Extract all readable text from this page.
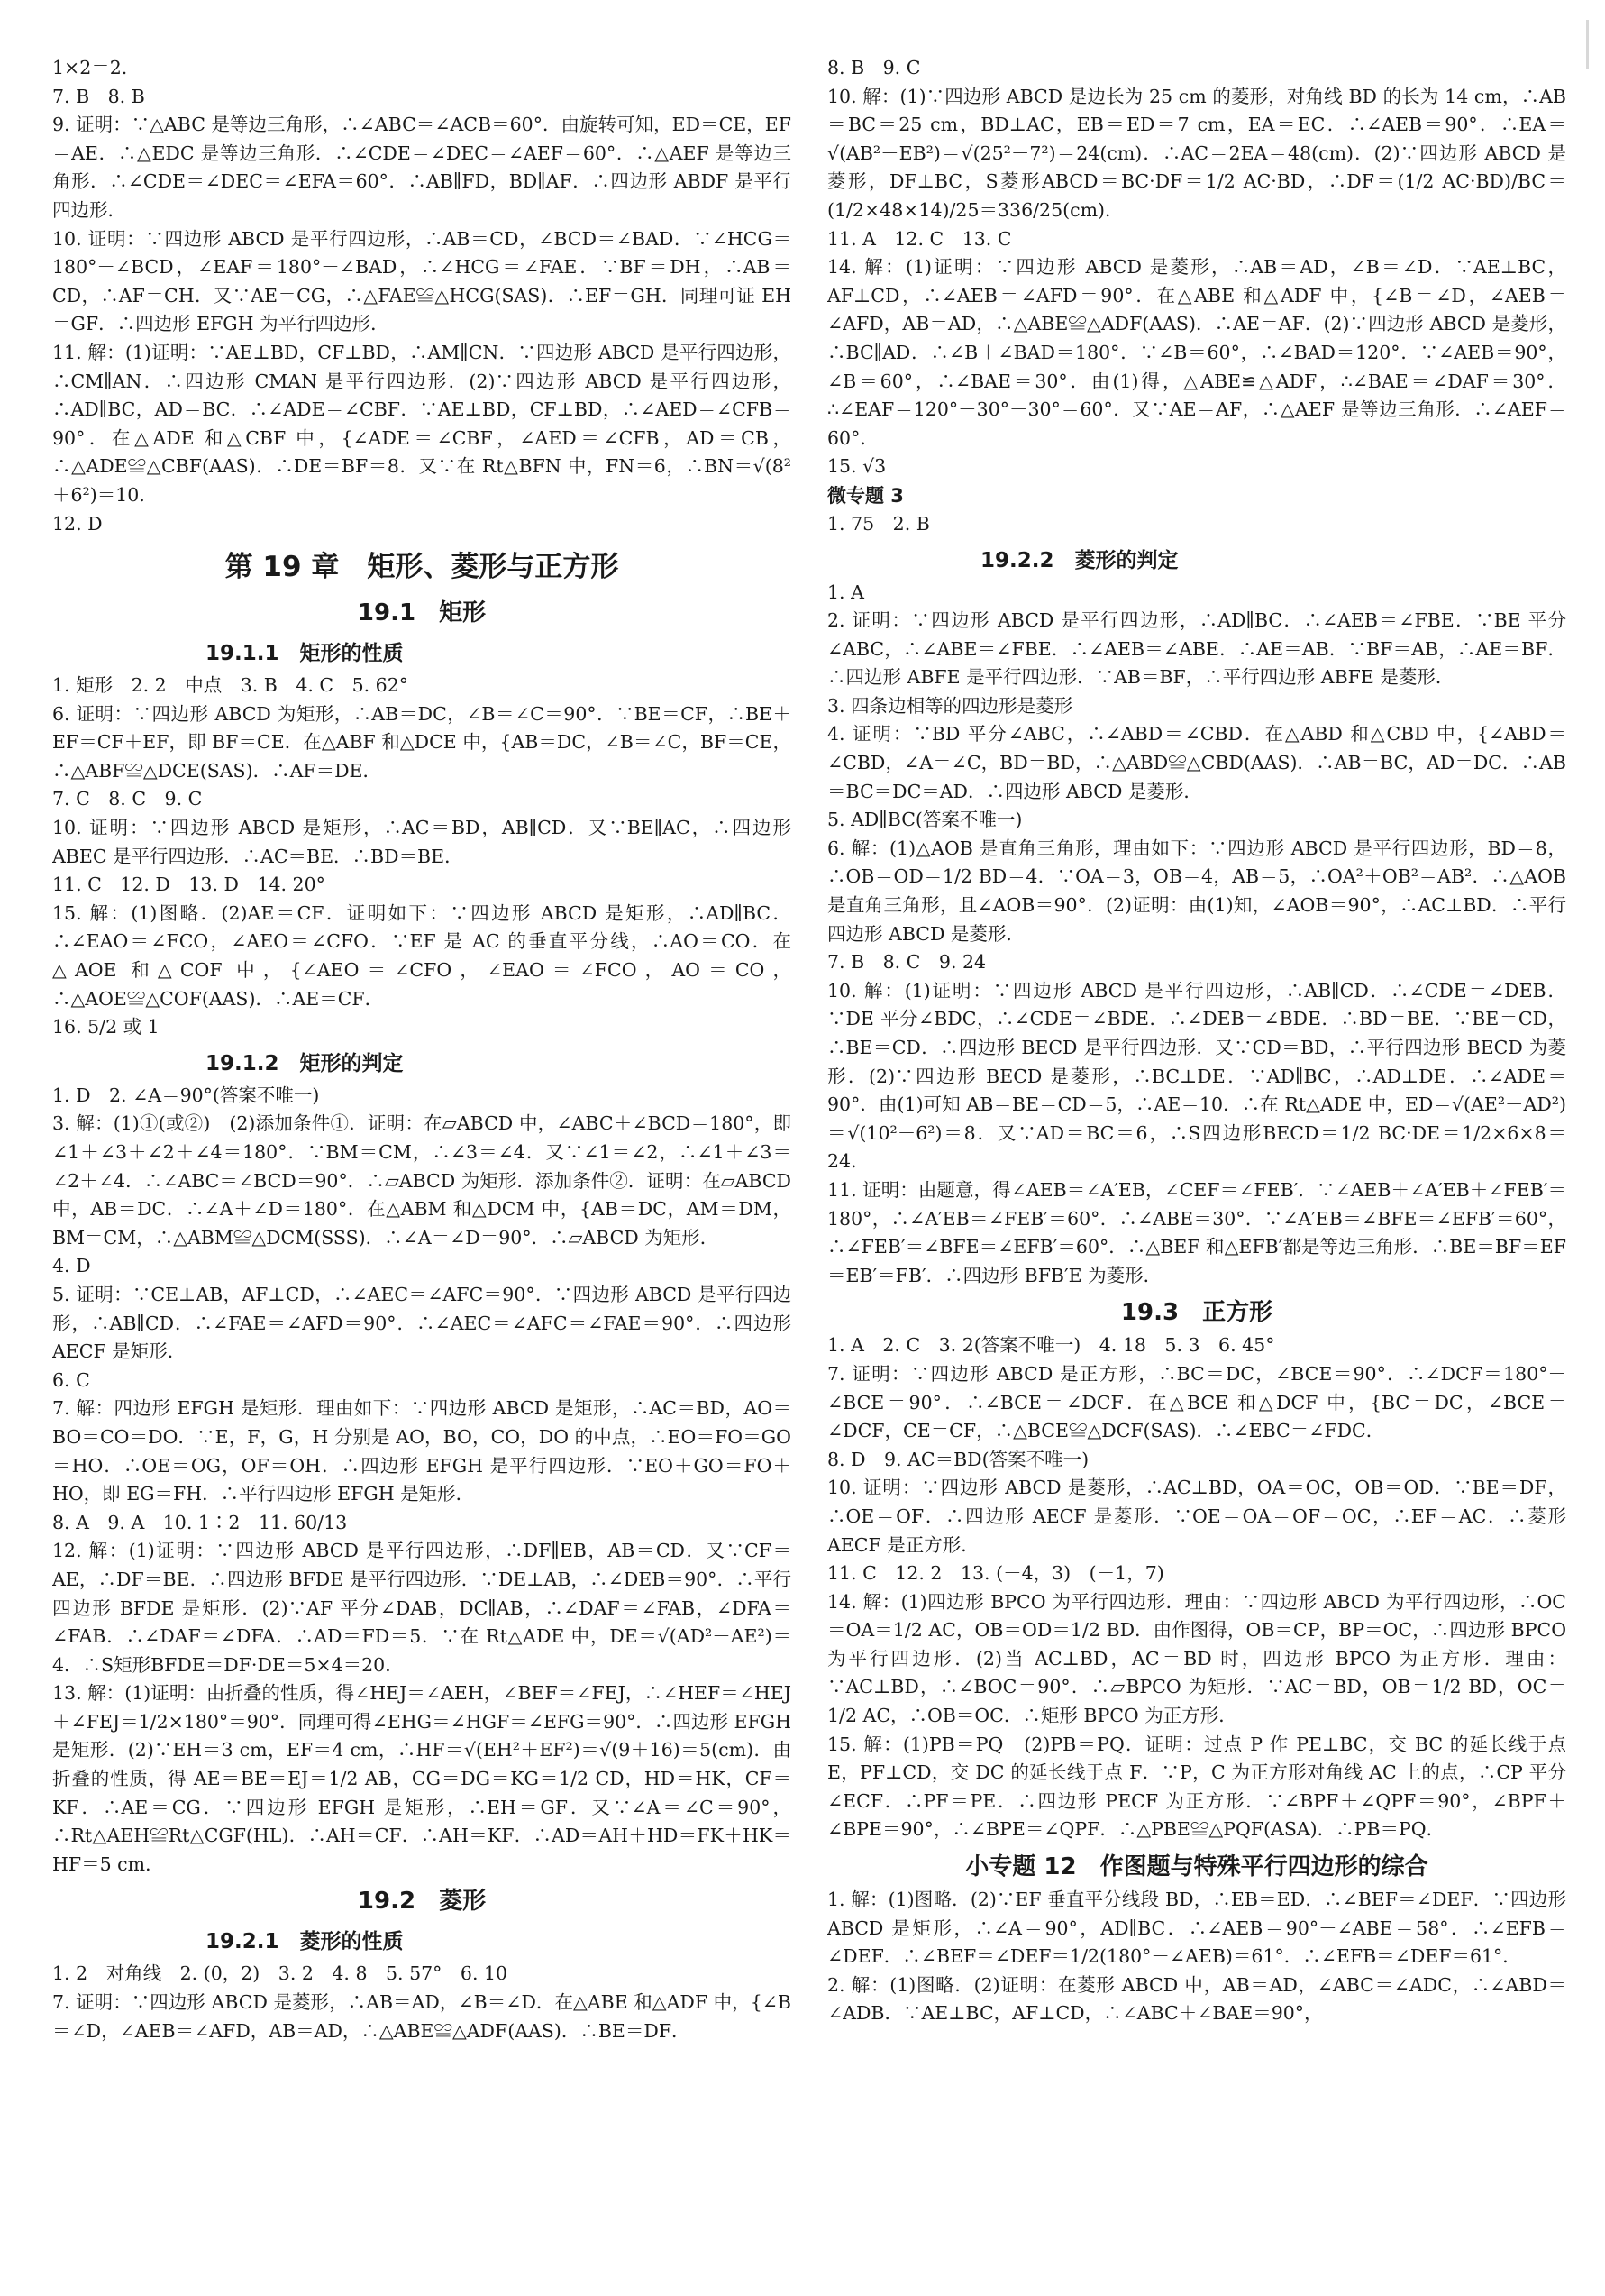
1×2＝2.

7. B　8. B

9. 证明：∵△ABC 是等边三角形，∴∠ABC＝∠ACB＝60°．由旋转可知，ED＝CE，EF＝AE．∴△EDC 是等边三角形．∴∠CDE＝∠DEC＝∠AEF＝60°．∴△AEF 是等边三角形．∴∠CDE＝∠DEC＝∠EFA＝60°．∴AB∥FD，BD∥AF．∴四边形 ABDF 是平行四边形．

10. 证明：∵四边形 ABCD 是平行四边形，∴AB＝CD，∠BCD＝∠BAD．∵∠HCG＝180°－∠BCD，∠EAF＝180°－∠BAD，∴∠HCG＝∠FAE．∵BF＝DH，∴AB＝CD，∴AF＝CH．又∵AE＝CG，∴△FAE≌△HCG(SAS)．∴EF＝GH．同理可证 EH＝GF．∴四边形 EFGH 为平行四边形．

11. 解：(1)证明：∵AE⊥BD，CF⊥BD，∴AM∥CN．∵四边形 ABCD 是平行四边形，∴CM∥AN．∴四边形 CMAN 是平行四边形．(2)∵四边形 ABCD 是平行四边形，∴AD∥BC，AD＝BC．∴∠ADE＝∠CBF．∵AE⊥BD，CF⊥BD，∴∠AED＝∠CFB＝90°．在△ADE 和△CBF 中，{∠ADE＝∠CBF，∠AED＝∠CFB，AD＝CB，∴△ADE≌△CBF(AAS)．∴DE＝BF＝8．又∵在 Rt△BFN 中，FN＝6，∴BN＝√(8²＋6²)＝10．

12. D

第 19 章　矩形、菱形与正方形
19.1　矩形
19.1.1　矩形的性质

1. 矩形　2. 2　中点　3. B　4. C　5. 62°

6. 证明：∵四边形 ABCD 为矩形，∴AB＝DC，∠B＝∠C＝90°．∵BE＝CF，∴BE＋EF＝CF＋EF，即 BF＝CE．在△ABF 和△DCE 中，{AB＝DC，∠B＝∠C，BF＝CE，∴△ABF≌△DCE(SAS)．∴AF＝DE．

7. C　8. C　9. C

10. 证明：∵四边形 ABCD 是矩形，∴AC＝BD，AB∥CD．又∵BE∥AC，∴四边形 ABEC 是平行四边形．∴AC＝BE．∴BD＝BE．

11. C　12. D　13. D　14. 20°

15. 解：(1)图略．(2)AE＝CF．证明如下：∵四边形 ABCD 是矩形，∴AD∥BC．∴∠EAO＝∠FCO，∠AEO＝∠CFO．∵EF 是 AC 的垂直平分线，∴AO＝CO．在△AOE 和△COF 中，{∠AEO＝∠CFO，∠EAO＝∠FCO，AO＝CO，∴△AOE≌△COF(AAS)．∴AE＝CF．

16. 5/2 或 1

19.1.2　矩形的判定

1. D　2. ∠A＝90°(答案不唯一)

3. 解：(1)①(或②)　(2)添加条件①．证明：在▱ABCD 中，∠ABC＋∠BCD＝180°，即∠1＋∠3＋∠2＋∠4＝180°．∵BM＝CM，∴∠3＝∠4．又∵∠1＝∠2，∴∠1＋∠3＝∠2＋∠4．∴∠ABC＝∠BCD＝90°．∴▱ABCD 为矩形．添加条件②．证明：在▱ABCD 中，AB＝DC．∴∠A＋∠D＝180°．在△ABM 和△DCM 中，{AB＝DC，AM＝DM，BM＝CM，∴△ABM≌△DCM(SSS)．∴∠A＝∠D＝90°．∴▱ABCD 为矩形．

4. D

5. 证明：∵CE⊥AB，AF⊥CD，∴∠AEC＝∠AFC＝90°．∵四边形 ABCD 是平行四边形，∴AB∥CD．∴∠FAE＝∠AFD＝90°．∴∠AEC＝∠AFC＝∠FAE＝90°．∴四边形 AECF 是矩形．

6. C

7. 解：四边形 EFGH 是矩形．理由如下：∵四边形 ABCD 是矩形，∴AC＝BD，AO＝BO＝CO＝DO．∵E，F，G，H 分别是 AO，BO，CO，DO 的中点，∴EO＝FO＝GO＝HO．∴OE＝OG，OF＝OH．∴四边形 EFGH 是平行四边形．∵EO＋GO＝FO＋HO，即 EG＝FH．∴平行四边形 EFGH 是矩形．

8. A　9. A　10. 1∶2　11. 60/13

12. 解：(1)证明：∵四边形 ABCD 是平行四边形，∴DF∥EB，AB＝CD．又∵CF＝AE，∴DF＝BE．∴四边形 BFDE 是平行四边形．∵DE⊥AB，∴∠DEB＝90°．∴平行四边形 BFDE 是矩形．(2)∵AF 平分∠DAB，DC∥AB，∴∠DAF＝∠FAB，∠DFA＝∠FAB．∴∠DAF＝∠DFA．∴AD＝FD＝5．∵在 Rt△ADE 中，DE＝√(AD²－AE²)＝4．∴S矩形BFDE＝DF·DE＝5×4＝20．

13. 解：(1)证明：由折叠的性质，得∠HEJ＝∠AEH，∠BEF＝∠FEJ，∴∠HEF＝∠HEJ＋∠FEJ＝1/2×180°＝90°．同理可得∠EHG＝∠HGF＝∠EFG＝90°．∴四边形 EFGH 是矩形．(2)∵EH＝3 cm，EF＝4 cm，∴HF＝√(EH²＋EF²)＝√(9＋16)＝5(cm)．由折叠的性质，得 AE＝BE＝EJ＝1/2 AB，CG＝DG＝KG＝1/2 CD，HD＝HK，CF＝KF．∴AE＝CG．∵四边形 EFGH 是矩形，∴EH＝GF．又∵∠A＝∠C＝90°，∴Rt△AEH≌Rt△CGF(HL)．∴AH＝CF．∴AH＝KF．∴AD＝AH＋HD＝FK＋HK＝HF＝5 cm．

19.2　菱形
19.2.1　菱形的性质

1. 2　对角线　2. (0，2)　3. 2　4. 8　5. 57°　6. 10

7. 证明：∵四边形 ABCD 是菱形，∴AB＝AD，∠B＝∠D．在△ABE 和△ADF 中，{∠B＝∠D，∠AEB＝∠AFD，AB＝AD，∴△ABE≌△ADF(AAS)．∴BE＝DF．

8. B　9. C

10. 解：(1)∵四边形 ABCD 是边长为 25 cm 的菱形，对角线 BD 的长为 14 cm，∴AB＝BC＝25 cm，BD⊥AC，EB＝ED＝7 cm，EA＝EC．∴∠AEB＝90°．∴EA＝√(AB²－EB²)＝√(25²－7²)＝24(cm)．∴AC＝2EA＝48(cm)．(2)∵四边形 ABCD 是菱形，DF⊥BC，S菱形ABCD＝BC·DF＝1/2 AC·BD，∴DF＝(1/2 AC·BD)/BC＝(1/2×48×14)/25＝336/25(cm)．

11. A　12. C　13. C

14. 解：(1)证明：∵四边形 ABCD 是菱形，∴AB＝AD，∠B＝∠D．∵AE⊥BC，AF⊥CD，∴∠AEB＝∠AFD＝90°．在△ABE 和△ADF 中，{∠B＝∠D，∠AEB＝∠AFD，AB＝AD，∴△ABE≌△ADF(AAS)．∴AE＝AF．(2)∵四边形 ABCD 是菱形，∴BC∥AD．∴∠B＋∠BAD＝180°．∵∠B＝60°，∴∠BAD＝120°．∵∠AEB＝90°，∠B＝60°，∴∠BAE＝30°．由(1)得，△ABE≌△ADF，∴∠BAE＝∠DAF＝30°．∴∠EAF＝120°－30°－30°＝60°．又∵AE＝AF，∴△AEF 是等边三角形．∴∠AEF＝60°．

15. √3

微专题 3

1. 75　2. B

19.2.2　菱形的判定

1. A

2. 证明：∵四边形 ABCD 是平行四边形，∴AD∥BC．∴∠AEB＝∠FBE．∵BE 平分∠ABC，∴∠ABE＝∠FBE．∴∠AEB＝∠ABE．∴AE＝AB．∵BF＝AB，∴AE＝BF．∴四边形 ABFE 是平行四边形．∵AB＝BF，∴平行四边形 ABFE 是菱形．

3. 四条边相等的四边形是菱形

4. 证明：∵BD 平分∠ABC，∴∠ABD＝∠CBD．在△ABD 和△CBD 中，{∠ABD＝∠CBD，∠A＝∠C，BD＝BD，∴△ABD≌△CBD(AAS)．∴AB＝BC，AD＝DC．∴AB＝BC＝DC＝AD．∴四边形 ABCD 是菱形．

5. AD∥BC(答案不唯一)

6. 解：(1)△AOB 是直角三角形，理由如下：∵四边形 ABCD 是平行四边形，BD＝8，∴OB＝OD＝1/2 BD＝4．∵OA＝3，OB＝4，AB＝5，∴OA²＋OB²＝AB²．∴△AOB 是直角三角形，且∠AOB＝90°．(2)证明：由(1)知，∠AOB＝90°，∴AC⊥BD．∴平行四边形 ABCD 是菱形．

7. B　8. C　9. 24

10. 解：(1)证明：∵四边形 ABCD 是平行四边形，∴AB∥CD．∴∠CDE＝∠DEB．∵DE 平分∠BDC，∴∠CDE＝∠BDE．∴∠DEB＝∠BDE．∴BD＝BE．∵BE＝CD，∴BE＝CD．∴四边形 BECD 是平行四边形．又∵CD＝BD，∴平行四边形 BECD 为菱形．(2)∵四边形 BECD 是菱形，∴BC⊥DE．∵AD∥BC，∴AD⊥DE．∴∠ADE＝90°．由(1)可知 AB＝BE＝CD＝5，∴AE＝10．∴在 Rt△ADE 中，ED＝√(AE²－AD²)＝√(10²－6²)＝8．又∵AD＝BC＝6，∴S四边形BECD＝1/2 BC·DE＝1/2×6×8＝24．

11. 证明：由题意，得∠AEB＝∠A′EB，∠CEF＝∠FEB′．∵∠AEB＋∠A′EB＋∠FEB′＝180°，∴∠A′EB＝∠FEB′＝60°．∴∠ABE＝30°．∵∠A′EB＝∠BFE＝∠EFB′＝60°，∴∠FEB′＝∠BFE＝∠EFB′＝60°．∴△BEF 和△EFB′都是等边三角形．∴BE＝BF＝EF＝EB′＝FB′．∴四边形 BFB′E 为菱形．

19.3　正方形

1. A　2. C　3. 2(答案不唯一)　4. 18　5. 3　6. 45°

7. 证明：∵四边形 ABCD 是正方形，∴BC＝DC，∠BCE＝90°．∴∠DCF＝180°－∠BCE＝90°．∴∠BCE＝∠DCF．在△BCE 和△DCF 中，{BC＝DC，∠BCE＝∠DCF，CE＝CF，∴△BCE≌△DCF(SAS)．∴∠EBC＝∠FDC．

8. D　9. AC＝BD(答案不唯一)

10. 证明：∵四边形 ABCD 是菱形，∴AC⊥BD，OA＝OC，OB＝OD．∵BE＝DF，∴OE＝OF．∴四边形 AECF 是菱形．∵OE＝OA＝OF＝OC，∴EF＝AC．∴菱形 AECF 是正方形．

11. C　12. 2　13. (－4，3)　(－1，7)

14. 解：(1)四边形 BPCO 为平行四边形．理由：∵四边形 ABCD 为平行四边形，∴OC＝OA＝1/2 AC，OB＝OD＝1/2 BD．由作图得，OB＝CP，BP＝OC，∴四边形 BPCO 为平行四边形．(2)当 AC⊥BD，AC＝BD 时，四边形 BPCO 为正方形．理由：∵AC⊥BD，∴∠BOC＝90°．∴▱BPCO 为矩形．∵AC＝BD，OB＝1/2 BD，OC＝1/2 AC，∴OB＝OC．∴矩形 BPCO 为正方形．

15. 解：(1)PB＝PQ　(2)PB＝PQ．证明：过点 P 作 PE⊥BC，交 BC 的延长线于点 E，PF⊥CD，交 DC 的延长线于点 F．∵P，C 为正方形对角线 AC 上的点，∴CP 平分∠ECF．∴PF＝PE．∴四边形 PECF 为正方形．∵∠BPF＋∠QPF＝90°，∠BPF＋∠BPE＝90°，∴∠BPE＝∠QPF．∴△PBE≌△PQF(ASA)．∴PB＝PQ．

小专题 12　作图题与特殊平行四边形的综合

1. 解：(1)图略．(2)∵EF 垂直平分线段 BD，∴EB＝ED．∴∠BEF＝∠DEF．∵四边形 ABCD 是矩形，∴∠A＝90°，AD∥BC．∴∠AEB＝90°－∠ABE＝58°．∴∠EFB＝∠DEF．∴∠BEF＝∠DEF＝1/2(180°－∠AEB)＝61°．∴∠EFB＝∠DEF＝61°．

2. 解：(1)图略．(2)证明：在菱形 ABCD 中，AB＝AD，∠ABC＝∠ADC，∴∠ABD＝∠ADB．∵AE⊥BC，AF⊥CD，∴∠ABC＋∠BAE＝90°，
